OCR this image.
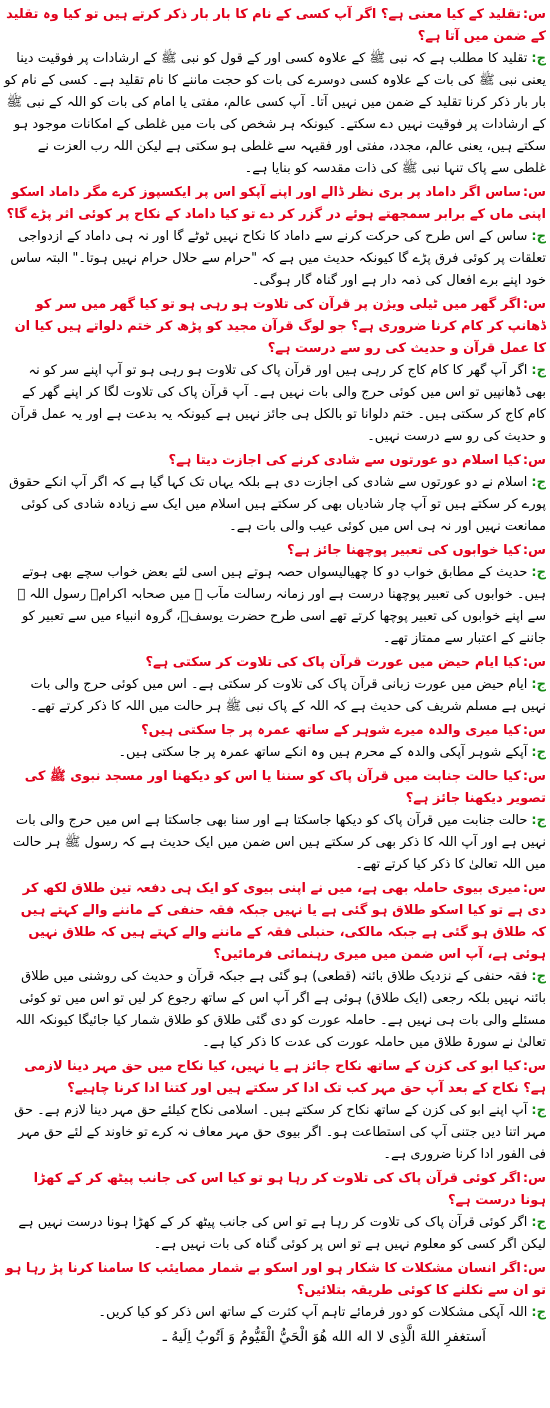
س:تقلید کے کیا معنی ہے؟ اگر آپ کسی کے نام کا بار بار ذکر کرتے ہیں تو کیا وہ تقلید کے ضمن میں آتا ہے؟

ج:تقلید کا مطلب ہے کہ نبی ﷺ کے علاوہ کسی اور کے قول کو نبی ﷺ کے ارشادات پر فوقیت دینا یعنی نبی ﷺ کی بات کے علاوہ کسی دوسرے کی بات کو حجت ماننے کا نام تقلید ہے۔ کسی کے نام کو بار بار ذکر کرنا تقلید کے ضمن میں نہیں آتا۔ آپ کسی عالم، مفتی یا امام کی بات کو اللہ کے نبی ﷺ کے ارشادات پر فوقیت نہیں دے سکتے۔ کیونکہ ہر شخص کی بات میں غلطی کے امکانات موجود ہو سکتے ہیں، یعنی عالم، مجدد، مفتی اور فقیہہ سے غلطی ہو سکتی ہے لیکن اللہ رب العزت نے غلطی سے پاک تنہا نبی ﷺ کی ذات مقدسہ کو بنایا ہے۔

س:ساس اگر داماد پر بری نظر ڈالے اور اپنے آپکو اس پر ایکسپوز کرے مگر داماد اسکو اپنی ماں کے برابر سمجھتے ہوئے در گزر کر دے تو کیا داماد کے نکاح پر کوئی اثر پڑے گا؟

ج:ساس کے اس طرح کی حرکت کرنے سے داماد کا نکاح نہیں ٹوٹے گا اور نہ ہی داماد کے ازدواجی تعلقات پر کوئی فرق پڑے گا کیونکہ حدیث میں ہے کہ "حرام سے حلال حرام نہیں ہوتا۔" البتہ ساس خود اپنے برے افعال کی ذمہ دار ہے اور گناہ گار ہوگی۔

س:اگر گھر میں ٹیلی ویژن پر قرآن کی تلاوت ہو رہی ہو تو کیا گھر میں سر کو ڈھانپ کر کام کرنا ضروری ہے؟ جو لوگ قرآن مجید کو پڑھ کر ختم دلواتے ہیں کیا ان کا عمل قرآن و حدیث کی رو سے درست ہے؟

ج:اگر آپ گھر کا کام کاج کر رہی ہیں اور قرآن پاک کی تلاوت ہو رہی ہو تو آپ اپنے سر کو نہ بھی ڈھانپیں تو اس میں کوئی حرج والی بات نہیں ہے۔ آپ قرآن پاک کی تلاوت لگا کر اپنے گھر کے کام کاج کر سکتی ہیں۔ ختم دلوانا تو بالکل ہی جائز نہیں ہے کیونکہ یہ بدعت ہے اور یہ عمل قرآن و حدیث کی رو سے درست نہیں۔

س:کیا اسلام دو عورتوں سے شادی کرنے کی اجازت دیتا ہے؟

ج:اسلام نے دو عورتوں سے شادی کی اجازت دی ہے بلکہ یہاں تک کہا گیا ہے کہ اگر آپ انکے حقوق پورے کر سکتے ہیں تو آپ چار شادیاں بھی کر سکتے ہیں اسلام میں ایک سے زیادہ شادی کی کوئی ممانعت نہیں اور نہ ہی اس میں کوئی عیب والی بات ہے۔

س:کیا خوابوں کی تعبیر پوچھنا جائز ہے؟

ج:حدیث کے مطابق خواب دو کا چھیالیسواں حصہ ہوتے ہیں اسی لئے بعض خواب سچے بھی ہوتے ہیں۔ خوابوں کی تعبیر پوچھنا درست ہے اور زمانہ رسالت مآب ﷺ میں صحابہ اکرامؓ رسول اللہ ﷺ سے اپنے خوابوں کی تعبیر پوچھا کرتے تھے اسی طرح حضرت یوسفؑ، گروہ انبیاء میں سے تعبیر کو جاننے کے اعتبار سے ممتاز تھے۔

س:کیا ایام حیض میں عورت قرآن پاک کی تلاوت کر سکتی ہے؟

ج:ایام حیض میں عورت زبانی قرآن پاک کی تلاوت کر سکتی ہے۔ اس میں کوئی حرج والی بات نہیں ہے مسلم شریف کی حدیث ہے کہ اللہ کے پاک نبی ﷺ ہر حالت میں اللہ کا ذکر کرتے تھے۔

س:کیا میری والدہ میرے شوہر کے ساتھ عمرہ پر جا سکتی ہیں؟

ج:آپکے شوہر آپکی والدہ کے محرم ہیں وہ انکے ساتھ عمرہ پر جا سکتی ہیں۔

س:کیا حالت جنابت میں قرآن پاک کو سننا یا اس کو دیکھنا اور مسجد نبوی ﷺ کی تصویر دیکھنا جائز ہے؟

ج:حالت جنابت میں قرآن پاک کو دیکھا جاسکتا ہے اور سنا بھی جاسکتا ہے اس میں حرج والی بات نہیں ہے اور آپ اللہ کا ذکر بھی کر سکتے ہیں اس ضمن میں ایک حدیث ہے کہ رسول ﷺ ہر حالت میں اللہ تعالیٰ کا ذکر کیا کرتے تھے۔

س:میری بیوی حاملہ بھی ہے، میں نے اپنی بیوی کو ایک ہی دفعہ تین طلاق لکھ کر دی ہے تو کیا اسکو طلاق ہو گئی ہے یا نہیں جبکہ فقہ حنفی کے ماننے والے کہتے ہیں کہ طلاق ہو گئی ہے جبکہ مالکی، حنبلی فقہ کے ماننے والے کہتے ہیں کہ طلاق نہیں ہوئی ہے، آپ اس ضمن میں میری رہنمائی فرمائیں؟

ج:فقہ حنفی کے نزدیک طلاق بائنہ (قطعی) ہو گئی ہے جبکہ قرآن و حدیث کی روشنی میں طلاق بائنہ نہیں بلکہ رجعی (ایک طلاق) ہوئی ہے اگر آپ اس کے ساتھ رجوع کر لیں تو اس میں تو کوئی مسئلے والی بات ہی نہیں ہے۔ حاملہ عورت کو دی گئی طلاق کو طلاق شمار کیا جائیگا کیونکہ اللہ تعالیٰ نے سورۃ طلاق میں حاملہ عورت کی عدت کا ذکر کیا ہے۔

س:کیا ابو کی کزن کے ساتھ نکاح جائز ہے یا نہیں، کیا نکاح میں حق مہر دینا لازمی ہے؟ نکاح کے بعد آپ حق مہر کب تک ادا کر سکتے ہیں اور کتنا ادا کرنا چاہیے؟

ج:آپ اپنے ابو کی کزن کے ساتھ نکاح کر سکتے ہیں۔ اسلامی نکاح کیلئے حق مہر دینا لازم ہے۔ حق مہر اتنا دیں جتنی آپ کی استطاعت ہو۔ اگر بیوی حق مہر معاف نہ کرے تو خاوند کے لئے حق مہر فی الفور ادا کرنا ضروری ہے۔

س:اگر کوئی قرآن پاک کی تلاوت کر رہا ہو تو کیا اس کی جانب پیٹھ کر کے کھڑا ہونا درست ہے؟

ج:اگر کوئی قرآن پاک کی تلاوت کر رہا ہے تو اس کی جانب پیٹھ کر کے کھڑا ہونا درست نہیں ہے لیکن اگر کسی کو معلوم نہیں ہے تو اس پر کوئی گناہ کی بات نہیں ہے۔

س:اگر انسان مشکلات کا شکار ہو اور اسکو بے شمار مصایئب کا سامنا کرنا پڑ رہا ہو تو ان سے نکلنے کا کوئی طریقہ بتلائیں؟

ج:اللہ آپکی مشکلات کو دور فرمائے تاہم آپ کثرت کے ساتھ اس ذکر کو کیا کریں۔

اَستغفرِ اللهَ الَّذِی لا اله الله هُوَ الْحَيُّ الْقَيُّومُ وَ اَتُوبُ اِلَيهُ ـ
